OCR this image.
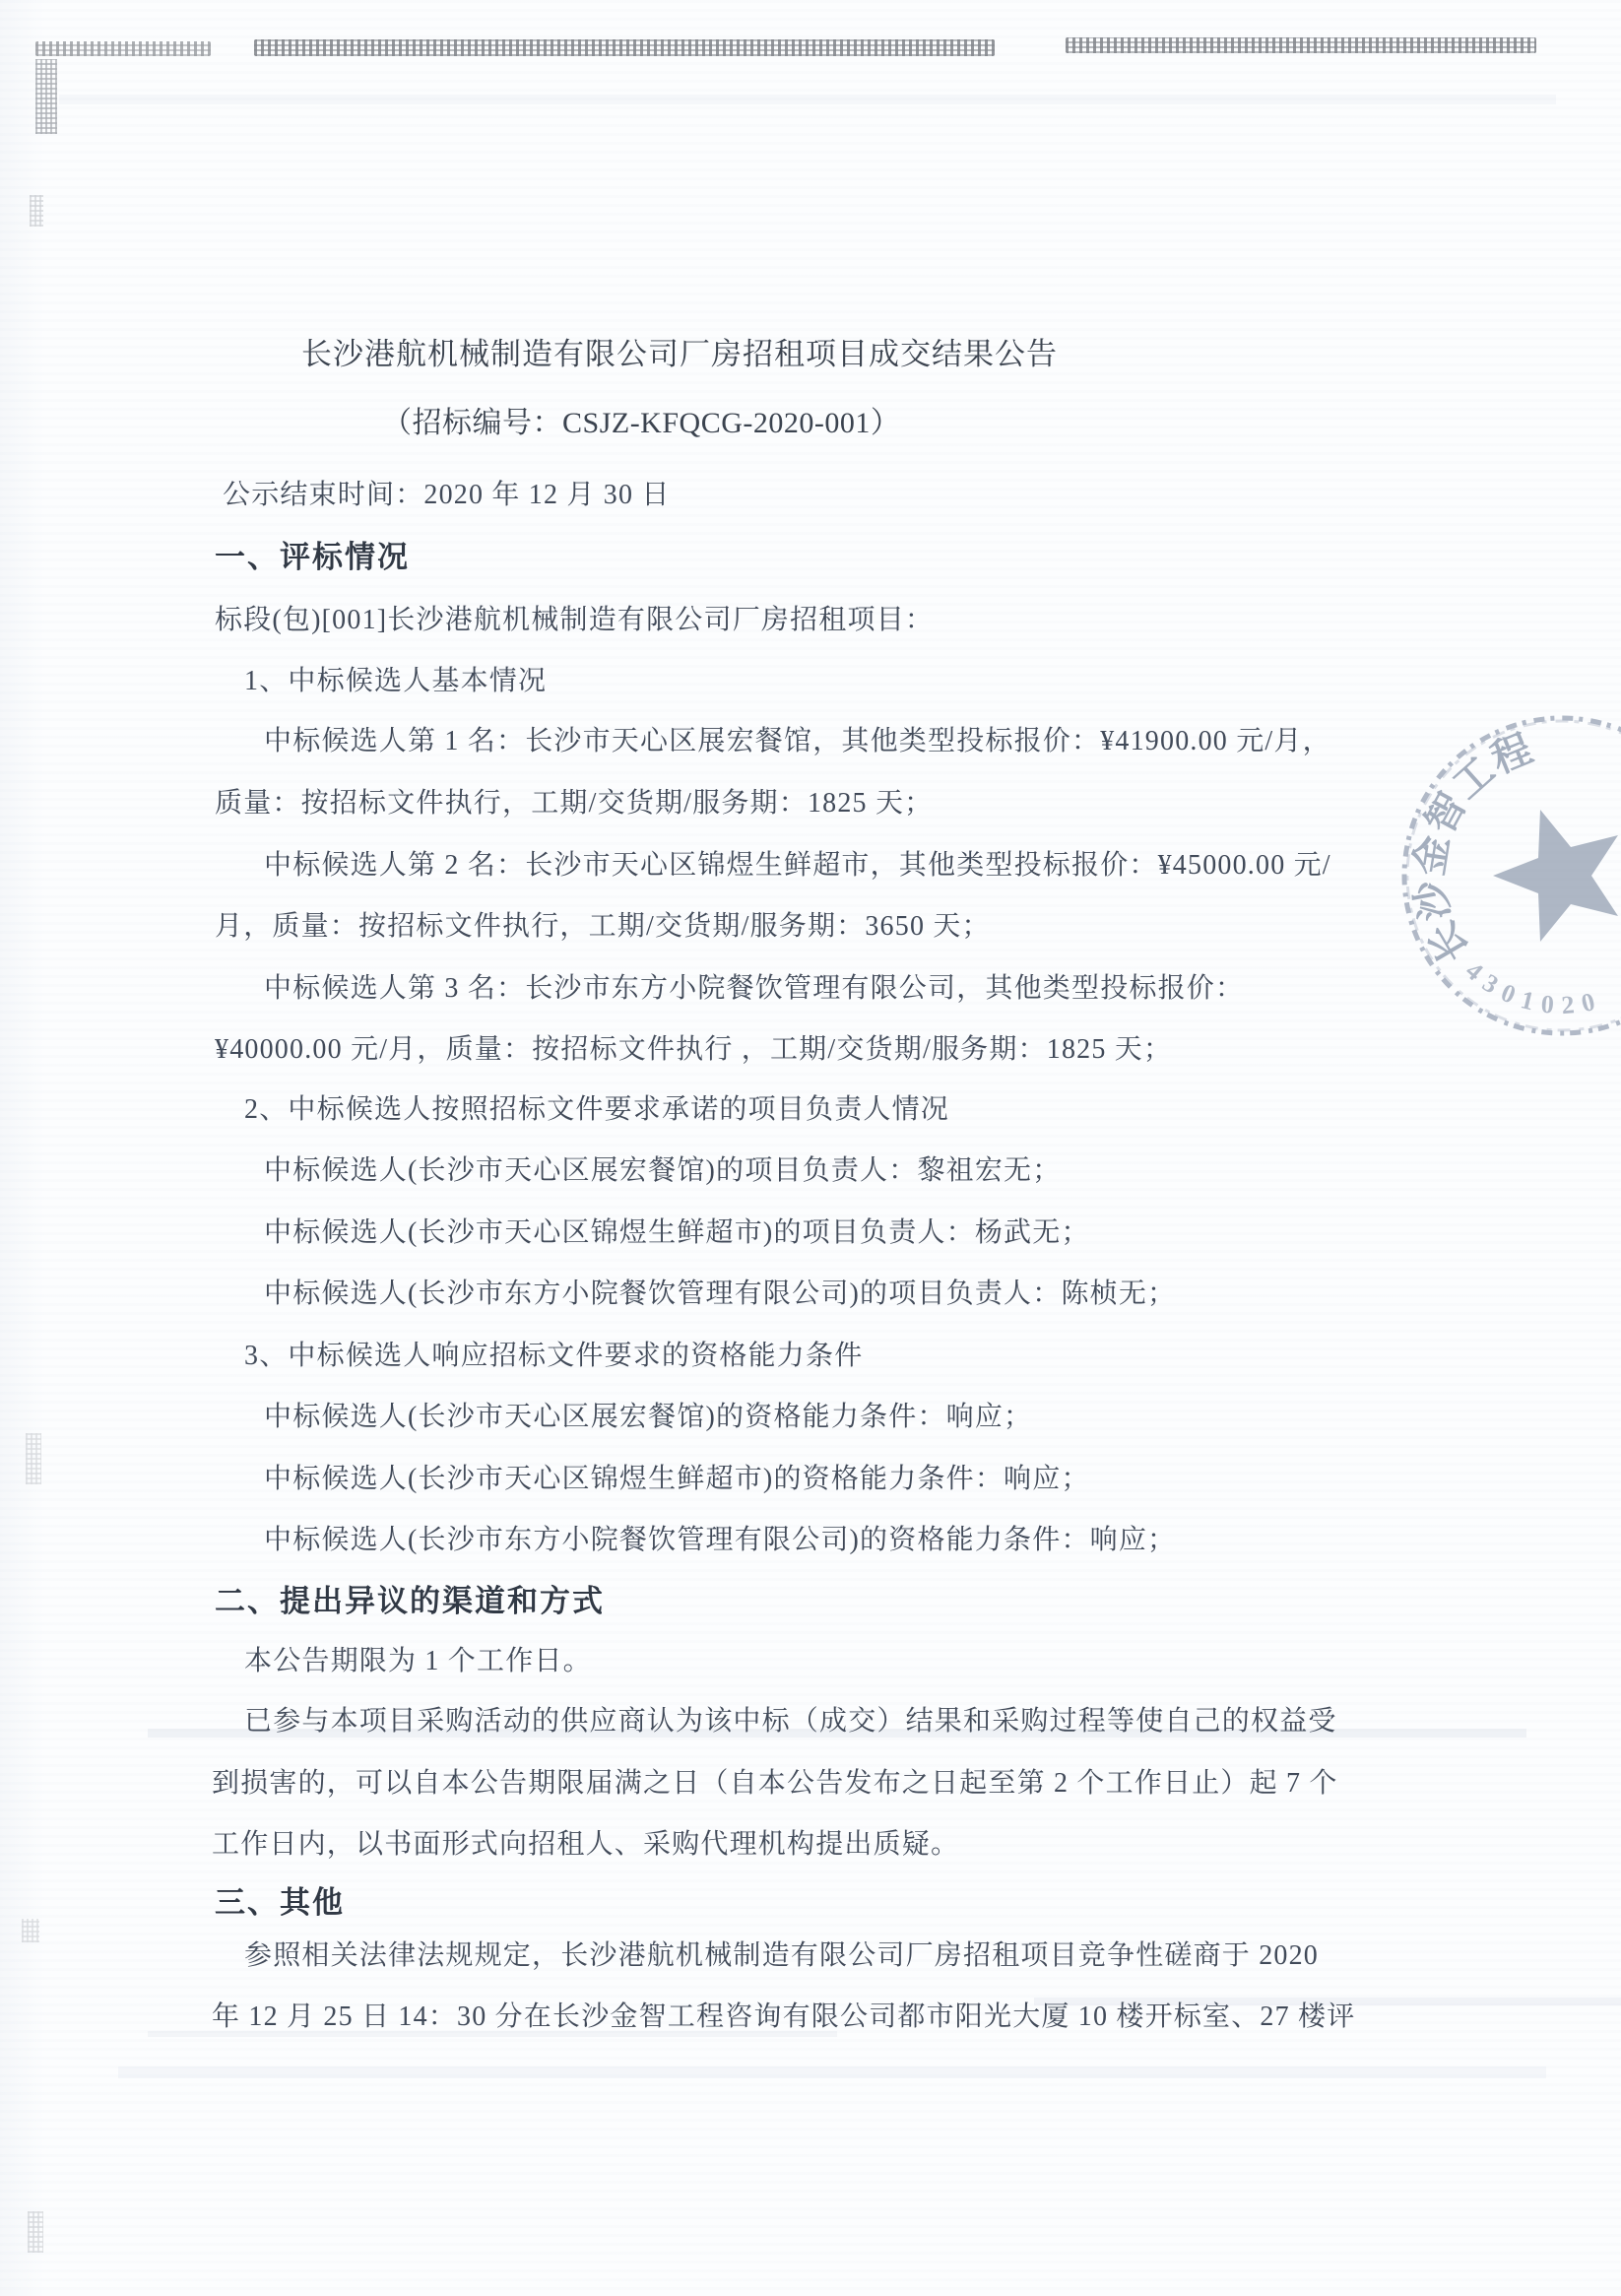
长沙港航机械制造有限公司厂房招租项目成交结果公告
（招标编号：CSJZ-KFQCG-2020-001）
公示结束时间：2020 年 12 月 30 日
一、评标情况
标段(包)[001]长沙港航机械制造有限公司厂房招租项目：
1、中标候选人基本情况
中标候选人第 1 名：长沙市天心区展宏餐馆，其他类型投标报价：¥41900.00 元/月，
质量：按招标文件执行，工期/交货期/服务期：1825 天；
中标候选人第 2 名：长沙市天心区锦煜生鲜超市，其他类型投标报价：¥45000.00 元/
月，质量：按招标文件执行，工期/交货期/服务期：3650 天；
中标候选人第 3 名：长沙市东方小院餐饮管理有限公司，其他类型投标报价：
¥40000.00 元/月，质量：按招标文件执行 ，工期/交货期/服务期：1825 天；
2、中标候选人按照招标文件要求承诺的项目负责人情况
中标候选人(长沙市天心区展宏餐馆)的项目负责人：黎祖宏无；
中标候选人(长沙市天心区锦煜生鲜超市)的项目负责人：杨武无；
中标候选人(长沙市东方小院餐饮管理有限公司)的项目负责人：陈桢无；
3、中标候选人响应招标文件要求的资格能力条件
中标候选人(长沙市天心区展宏餐馆)的资格能力条件：响应；
中标候选人(长沙市天心区锦煜生鲜超市)的资格能力条件：响应；
中标候选人(长沙市东方小院餐饮管理有限公司)的资格能力条件：响应；
二、提出异议的渠道和方式
本公告期限为 1 个工作日。
已参与本项目采购活动的供应商认为该中标（成交）结果和采购过程等使自己的权益受
到损害的，可以自本公告期限届满之日（自本公告发布之日起至第 2 个工作日止）起 7 个
工作日内，以书面形式向招租人、采购代理机构提出质疑。
三、其他
参照相关法律法规规定，长沙港航机械制造有限公司厂房招租项目竞争性磋商于 2020
年 12 月 25 日 14：30 分在长沙金智工程咨询有限公司都市阳光大厦 10 楼开标室、27 楼评
长沙金智工程
4301020
